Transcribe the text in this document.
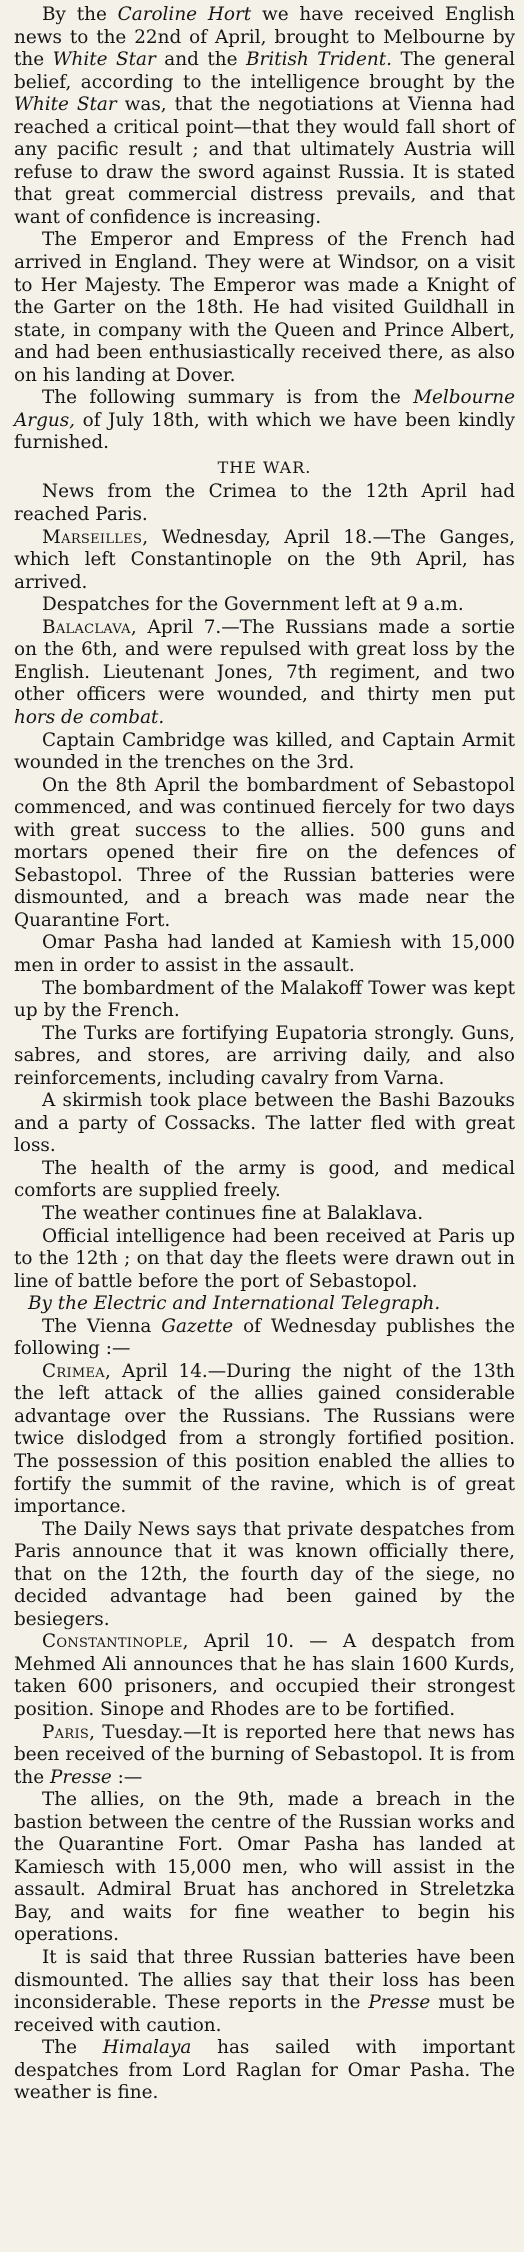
By the Caroline Hort we have received English news to the 22nd of April, brought to Melbourne by the White Star and the British Trident. The general belief, according to the intelligence brought by the White Star was, that the negotiations at Vienna had reached a critical point—that they would fall short of any pacific result ; and that ultimately Austria will refuse to draw the sword against Russia. It is stated that great commercial distress prevails, and that want of confidence is increasing.

The Emperor and Empress of the French had arrived in England. They were at Windsor, on a visit to Her Majesty. The Emperor was made a Knight of the Garter on the 18th. He had visited Guildhall in state, in company with the Queen and Prince Albert, and had been enthusiastically received there, as also on his landing at Dover.

The following summary is from the Melbourne Argus, of July 18th, with which we have been kindly furnished.

THE WAR.

News from the Crimea to the 12th April had reached Paris.

Marseilles, Wednesday, April 18.—The Ganges, which left Constantinople on the 9th April, has arrived.

Despatches for the Government left at 9 a.m.

Balaclava, April 7.—The Russians made a sortie on the 6th, and were repulsed with great loss by the English. Lieutenant Jones, 7th regiment, and two other officers were wounded, and thirty men put hors de combat.

Captain Cambridge was killed, and Captain Armit wounded in the trenches on the 3rd.

On the 8th April the bombardment of Sebastopol commenced, and was continued fiercely for two days with great success to the allies. 500 guns and mortars opened their fire on the defences of Sebastopol. Three of the Russian batteries were dismounted, and a breach was made near the Quarantine Fort.

Omar Pasha had landed at Kamiesh with 15,000 men in order to assist in the assault.

The bombardment of the Malakoff Tower was kept up by the French.

The Turks are fortifying Eupatoria strongly. Guns, sabres, and stores, are arriving daily, and also reinforcements, including cavalry from Varna.

A skirmish took place between the Bashi Bazouks and a party of Cossacks. The latter fled with great loss.

The health of the army is good, and medical comforts are supplied freely.

The weather continues fine at Balaklava.

Official intelligence had been received at Paris up to the 12th ; on that day the fleets were drawn out in line of battle before the port of Sebastopol.

By the Electric and International Telegraph.

The Vienna Gazette of Wednesday publishes the following :—

Crimea, April 14.—During the night of the 13th the left attack of the allies gained considerable advantage over the Russians. The Russians were twice dislodged from a strongly fortified position. The possession of this position enabled the allies to fortify the summit of the ravine, which is of great importance.

The Daily News says that private despatches from Paris announce that it was known officially there, that on the 12th, the fourth day of the siege, no decided advantage had been gained by the besiegers.

Constantinople, April 10. — A despatch from Mehmed Ali announces that he has slain 1600 Kurds, taken 600 prisoners, and occupied their strongest position. Sinope and Rhodes are to be fortified.

Paris, Tuesday.—It is reported here that news has been received of the burning of Sebastopol. It is from the Presse :—

The allies, on the 9th, made a breach in the bastion between the centre of the Russian works and the Quarantine Fort. Omar Pasha has landed at Kamiesch with 15,000 men, who will assist in the assault. Admiral Bruat has anchored in Streletzka Bay, and waits for fine weather to begin his operations.

It is said that three Russian batteries have been dismounted. The allies say that their loss has been inconsiderable. These reports in the Presse must be received with caution.

The Himalaya has sailed with important despatches from Lord Raglan for Omar Pasha. The weather is fine.
